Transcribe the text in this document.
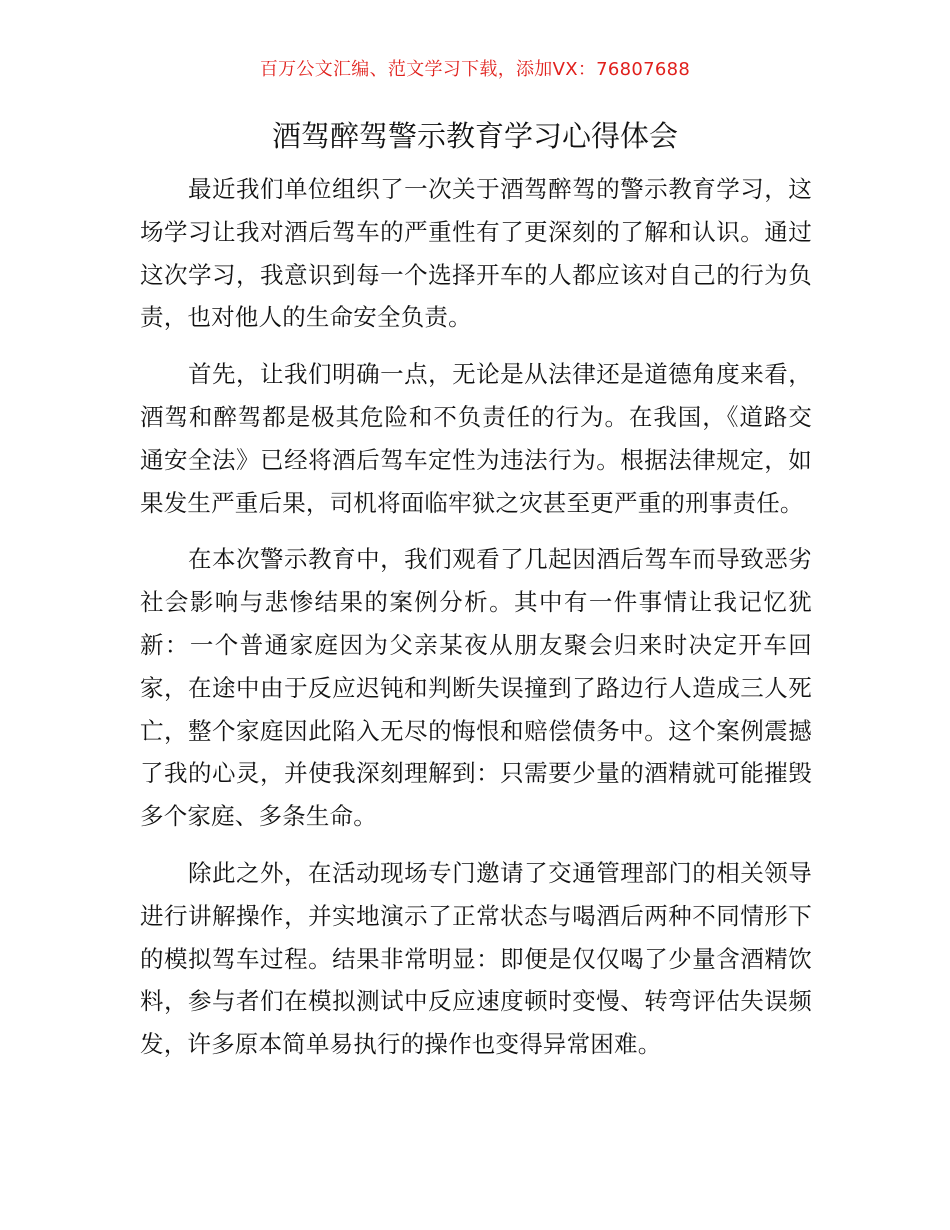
百万公文汇编、范文学习下载，添加VX：76807688
酒驾醉驾警示教育学习心得体会

最近我们单位组织了一次关于酒驾醉驾的警示教育学习，这场学习让我对酒后驾车的严重性有了更深刻的了解和认识。通过这次学习，我意识到每一个选择开车的人都应该对自己的行为负责，也对他人的生命安全负责。

首先，让我们明确一点，无论是从法律还是道德角度来看，酒驾和醉驾都是极其危险和不负责任的行为。在我国，《道路交通安全法》已经将酒后驾车定性为违法行为。根据法律规定，如果发生严重后果，司机将面临牢狱之灾甚至更严重的刑事责任。

在本次警示教育中，我们观看了几起因酒后驾车而导致恶劣社会影响与悲惨结果的案例分析。其中有一件事情让我记忆犹新：一个普通家庭因为父亲某夜从朋友聚会归来时决定开车回家，在途中由于反应迟钝和判断失误撞到了路边行人造成三人死亡，整个家庭因此陷入无尽的悔恨和赔偿债务中。这个案例震撼了我的心灵，并使我深刻理解到：只需要少量的酒精就可能摧毁多个家庭、多条生命。

除此之外，在活动现场专门邀请了交通管理部门的相关领导进行讲解操作，并实地演示了正常状态与喝酒后两种不同情形下的模拟驾车过程。结果非常明显：即便是仅仅喝了少量含酒精饮料，参与者们在模拟测试中反应速度顿时变慢、转弯评估失误频发，许多原本简单易执行的操作也变得异常困难。
